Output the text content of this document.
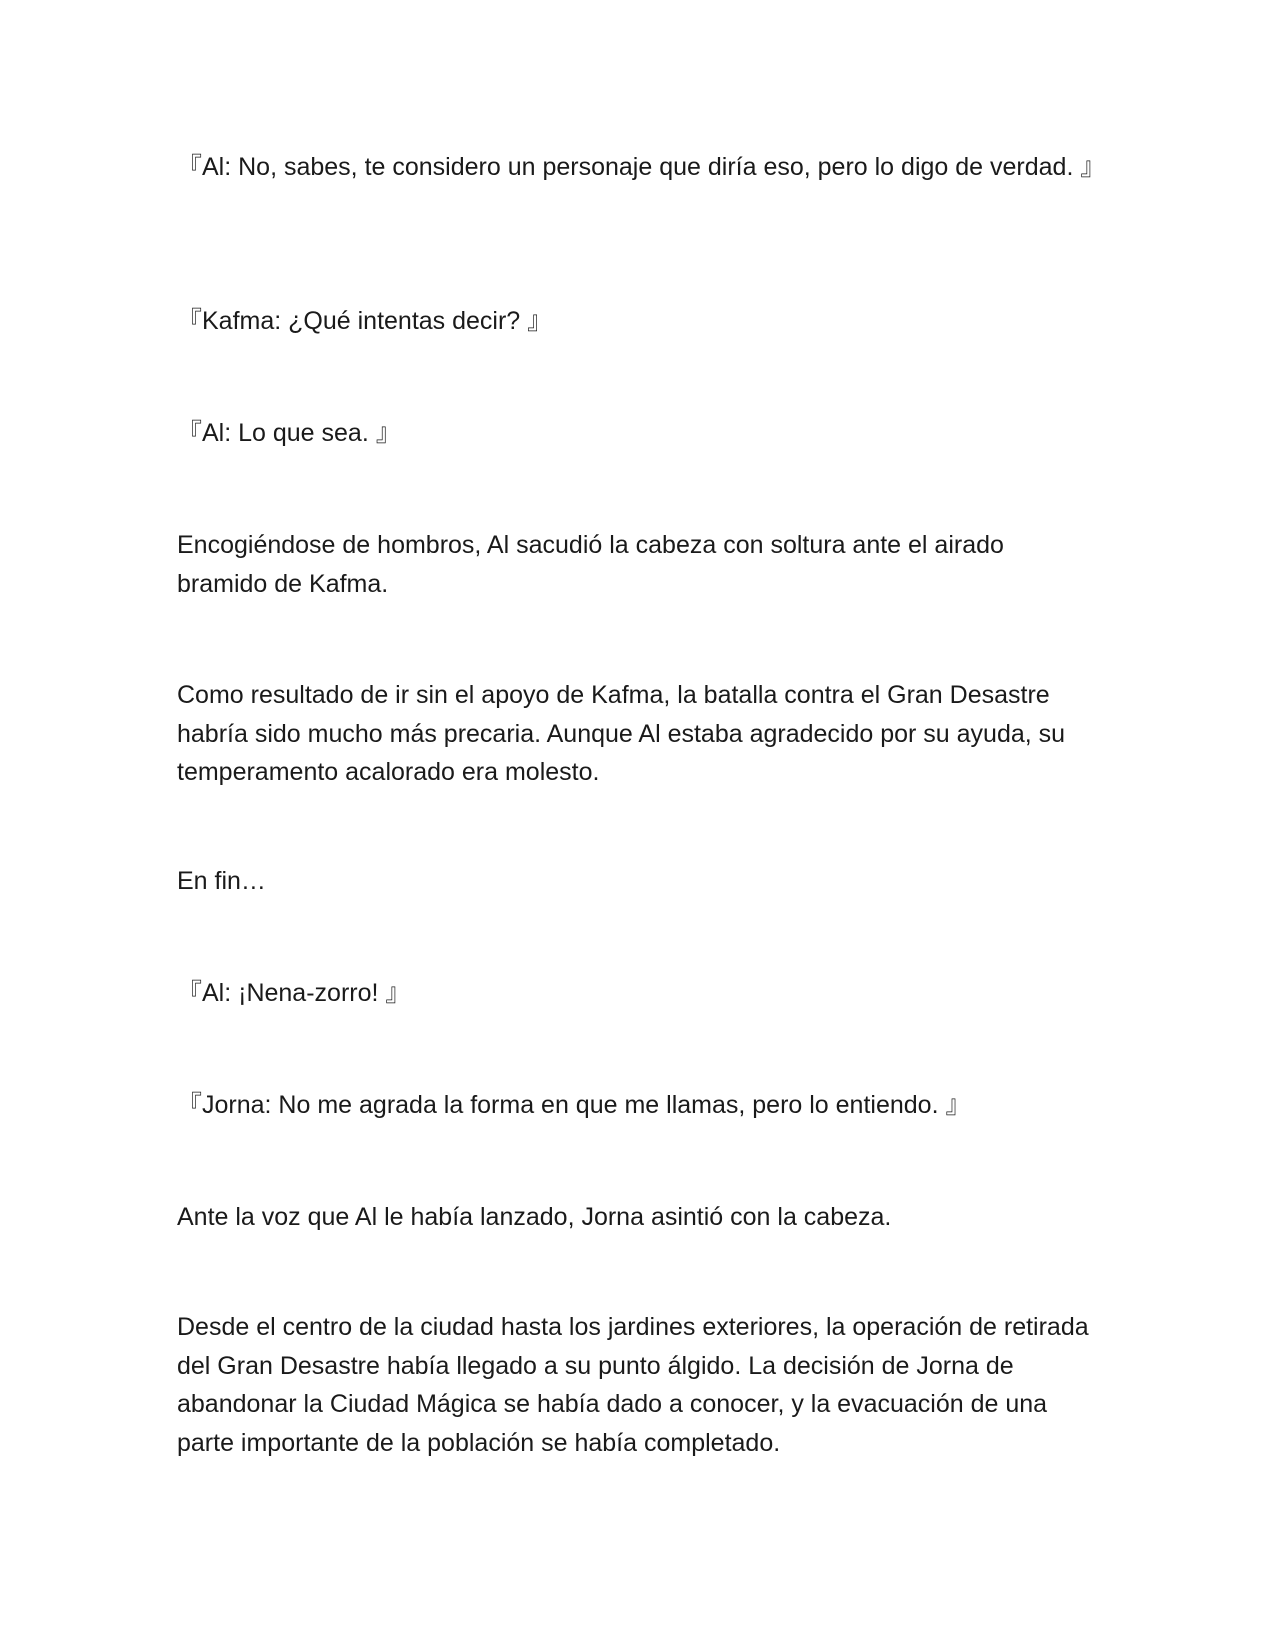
『Al: No, sabes, te considero un personaje que diría eso, pero lo digo de verdad. 』

『Kafma: ¿Qué intentas decir? 』

『Al: Lo que sea. 』

Encogiéndose de hombros, Al sacudió la cabeza con soltura ante el airado bramido de Kafma.

Como resultado de ir sin el apoyo de Kafma, la batalla contra el Gran Desastre habría sido mucho más precaria. Aunque Al estaba agradecido por su ayuda, su temperamento acalorado era molesto.

En fin…

『Al: ¡Nena-zorro! 』

『Jorna: No me agrada la forma en que me llamas, pero lo entiendo. 』

Ante la voz que Al le había lanzado, Jorna asintió con la cabeza.

Desde el centro de la ciudad hasta los jardines exteriores, la operación de retirada del Gran Desastre había llegado a su punto álgido. La decisión de Jorna de abandonar la Ciudad Mágica se había dado a conocer, y la evacuación de una parte importante de la población se había completado.
